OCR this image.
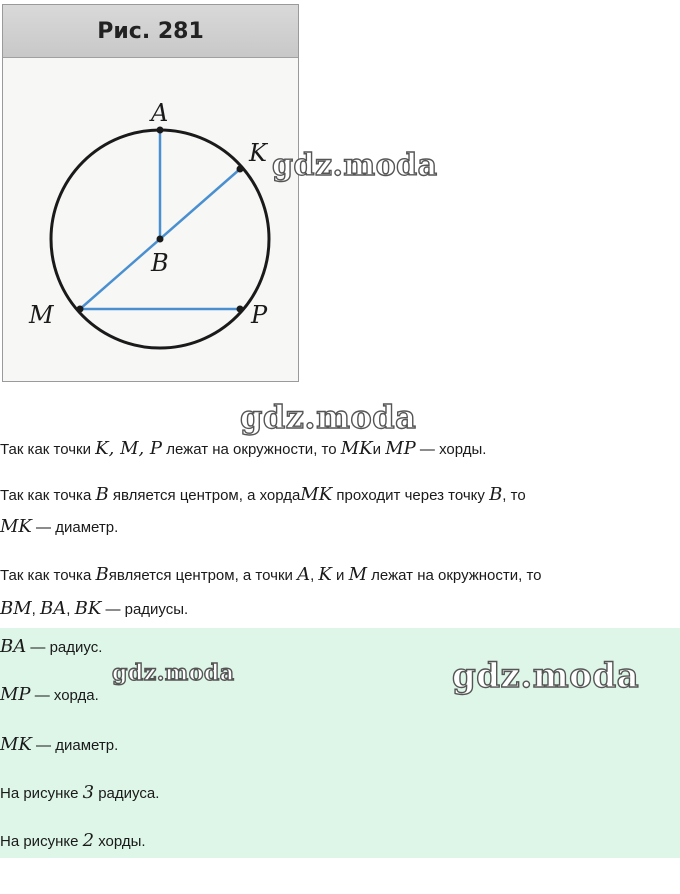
Рис. 281
A
K
B
M	P
gdz.moda
gdz.moda
Так как точки K, M, P лежат на окружности, то MKи MP — хорды.
Так как точка B является центром, а хордаMK проходит через точку B, то
MK — диаметр.
Так как точка Bявляется центром, а точки A, K и M лежат на окружности, то
BM, BA, BK — радиусы.
BA — радиус.
MP — хорда.
MK — диаметр.
На рисунке 3 радиуса.
На рисунке 2 хорды.
gdz.moda	gdz.moda
